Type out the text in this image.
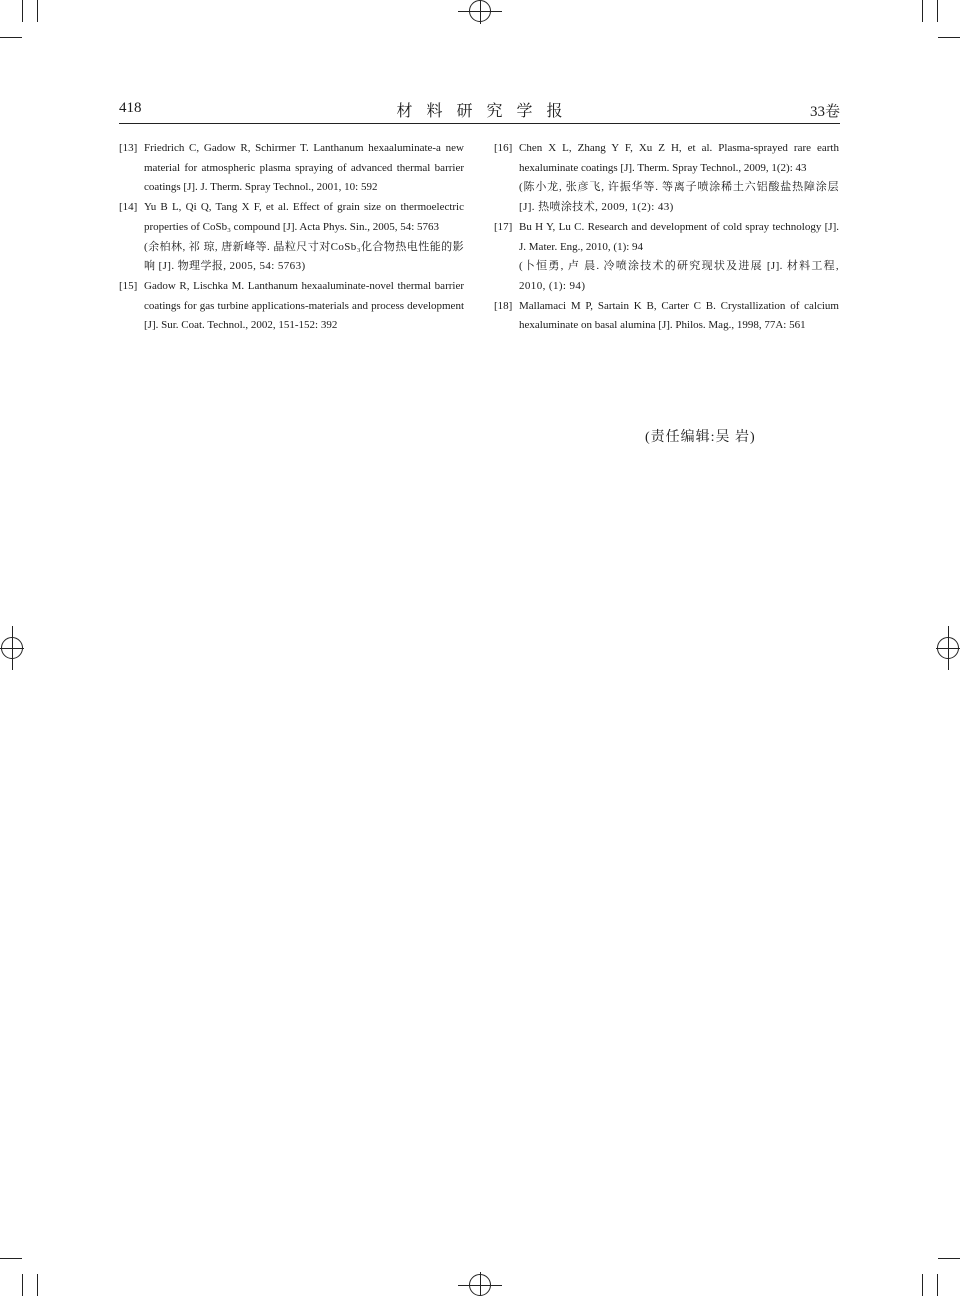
418	材料研究学报	33卷
[13] Friedrich C, Gadow R, Schirmer T. Lanthanum hexaaluminate-a new material for atmospheric plasma spraying of advanced thermal barrier coatings [J]. J. Therm. Spray Technol., 2001, 10: 592
[14] Yu B L, Qi Q, Tang X F, et al. Effect of grain size on thermoelectric properties of CoSb₃ compound [J]. Acta Phys. Sin., 2005, 54: 5763
(余柏林, 祁 琼, 唐新峰等. 晶粒尺寸对CoSb₃化合物热电性能的影响 [J]. 物理学报, 2005, 54: 5763)
[15] Gadow R, Lischka M. Lanthanum hexaaluminate-novel thermal barrier coatings for gas turbine applications-materials and process development [J]. Sur. Coat. Technol., 2002, 151-152: 392
[16] Chen X L, Zhang Y F, Xu Z H, et al. Plasma-sprayed rare earth hexaluminate coatings [J]. Therm. Spray Technol., 2009, 1(2): 43
(陈小龙, 张彦飞, 许振华等. 等离子喷涂稀土六铝酸盐热障涂层 [J]. 热喷涂技术, 2009, 1(2): 43)
[17] Bu H Y, Lu C. Research and development of cold spray technology [J]. J. Mater. Eng., 2010, (1): 94
(卜恒勇, 卢 晨. 冷喷涂技术的研究现状及进展 [J]. 材料工程, 2010, (1): 94)
[18] Mallamaci M P, Sartain K B, Carter C B. Crystallization of calcium hexaluminate on basal alumina [J]. Philos. Mag., 1998, 77A: 561
(责任编辑:吴 岩)
